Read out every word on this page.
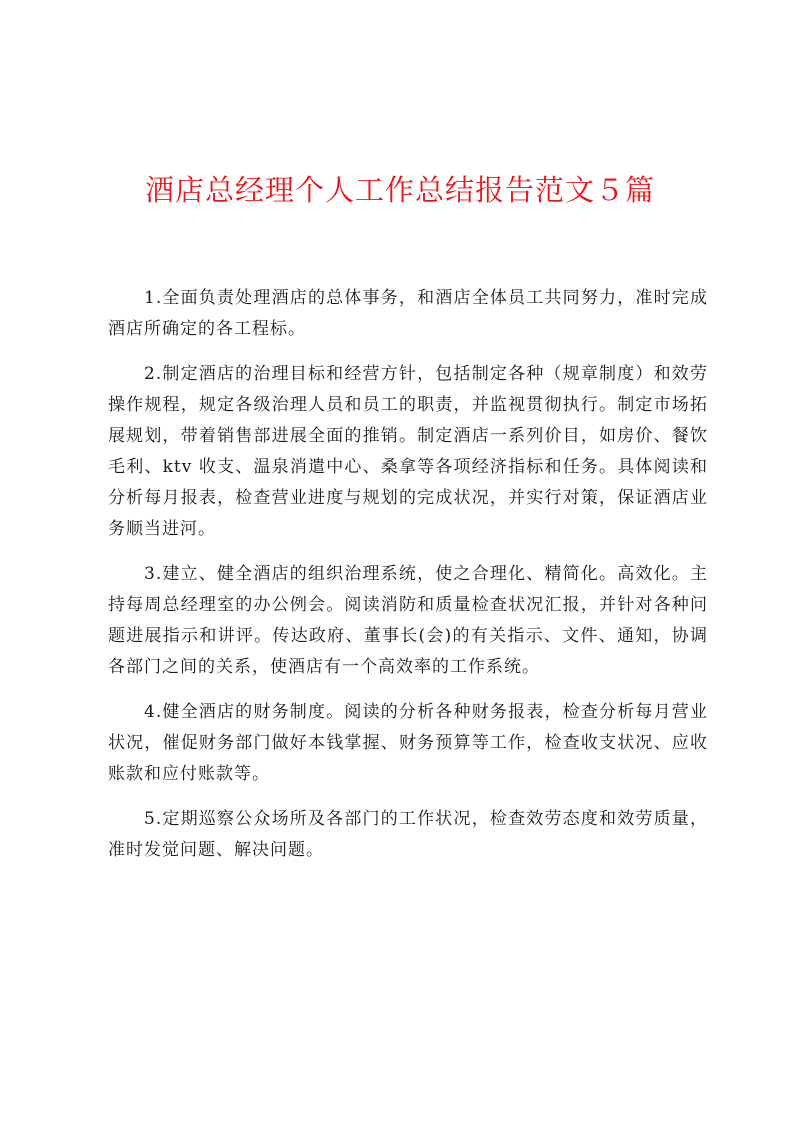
酒店总经理个人工作总结报告范文５篇

1.全面负责处理酒店的总体事务，和酒店全体员工共同努力，准时完成酒店所确定的各工程标。

2.制定酒店的治理目标和经营方针，包括制定各种（规章制度）和效劳操作规程，规定各级治理人员和员工的职责，并监视贯彻执行。制定市场拓展规划，带着销售部进展全面的推销。制定酒店一系列价目，如房价、餐饮毛利、ktv 收支、温泉消遣中心、桑拿等各项经济指标和任务。具体阅读和分析每月报表，检查营业进度与规划的完成状况，并实行对策，保证酒店业务顺当进河。

3.建立、健全酒店的组织治理系统，使之合理化、精简化。高效化。主持每周总经理室的办公例会。阅读消防和质量检查状况汇报，并针对各种问题进展指示和讲评。传达政府、董事长(会)的有关指示、文件、通知，协调各部门之间的关系，使酒店有一个高效率的工作系统。

4.健全酒店的财务制度。阅读的分析各种财务报表，检查分析每月营业状况，催促财务部门做好本钱掌握、财务预算等工作，检查收支状况、应收账款和应付账款等。

5.定期巡察公众场所及各部门的工作状况，检查效劳态度和效劳质量，准时发觉问题、解决问题。
